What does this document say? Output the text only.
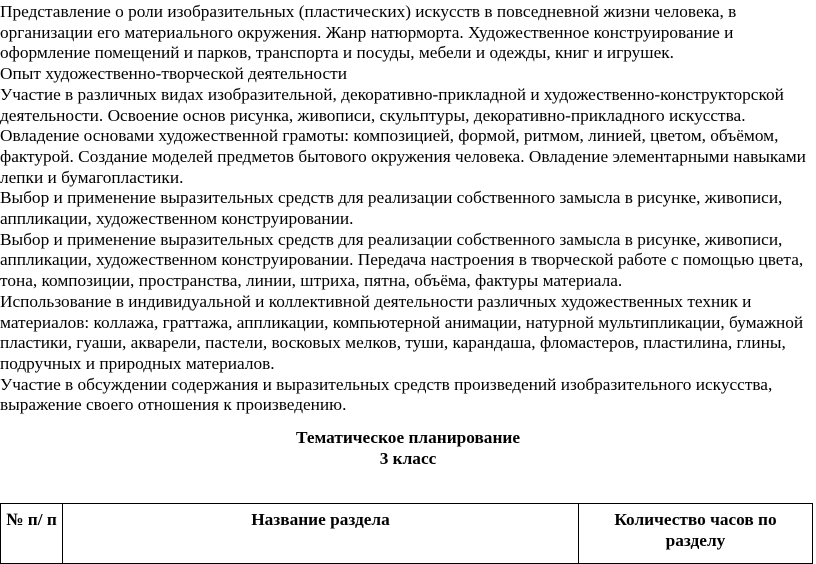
Представление о роли изобразительных (пластических) искусств в повседневной жизни человека, в организации его материального окружения. Жанр натюрморта. Художественное конструирование и оформление помещений и парков, транспорта и посуды, мебели и одежды, книг и игрушек.

Опыт художественно-творческой деятельности

Участие в различных видах изобразительной, декоративно-прикладной и художественно-конструкторской деятельности. Освоение основ рисунка, живописи, скульптуры, декоративно-прикладного искусства. Овладение основами художественной грамоты: композицией, формой, ритмом, линией, цветом, объёмом, фактурой. Создание моделей предметов бытового окружения человека. Овладение элементарными навыками лепки и бумагопластики.

Выбор и применение выразительных средств для реализации собственного замысла в рисунке, живописи, аппликации, художественном конструировании.

Выбор и применение выразительных средств для реализации собственного замысла в рисунке, живописи, аппликации, художественном конструировании. Передача настроения в творческой работе с помощью цвета, тона, композиции, пространства, линии, штриха, пятна, объёма, фактуры материала.

Использование в индивидуальной и коллективной деятельности различных художественных техник и материалов: коллажа, граттажа, аппликации, компьютерной анимации, натурной мультипликации, бумажной пластики, гуаши, акварели, пастели, восковых мелков, туши, карандаша, фломастеров, пластилина, глины, подручных и природных материалов.

Участие в обсуждении содержания и выразительных средств произведений изобразительного искусства, выражение своего отношения к произведению.

Тематическое планирование

3 класс

№ п/ п	Название раздела	Количество часов по разделу
